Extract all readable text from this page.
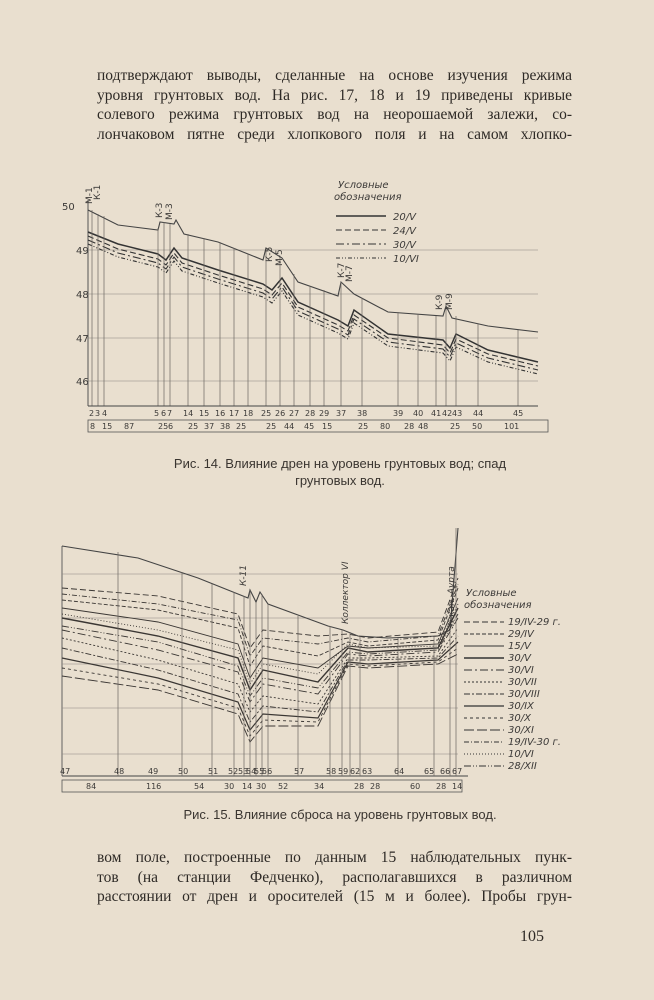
подтверждают выводы, сделанные на основе изучения режима
уровня грунтовых вод. На рис. 17, 18 и 19 приведены кривые
солевого режима грунтовых вод на неорошаемой залежи, со-
лончаковом пятне среди хлопкового поля и на самом хлопко-
50
49
48
47
46
М-1
К-1
К-3 М-3
К-5 М-5
К-7
М-7
К-9 М-9
2 3 4	5 6 7 14 15 16 17 18 25 26 27 28 29 37 38	39 40 41 42 43 44	45
8 15 87	25 6 25 37 38 25 25 44 45 15	25 80 28 48	25 50	101
Условные
обозначения
20/V
24/V
30/V
10/VI
Рис. 14. Влияние дрен на уровень грунтовых вод; спад
грунтовых вод.
К-11	Коллектор VI	К кан. Аурта
47	48	49 50 51 52 53
54
55
56	57	58 59 62 63	64 65 66 67
84	116	54 30 14 30 52	34	28 28	60 28 14
Условные
обозначения
19/IV-29 г.
29/IV
15/V
30/V
30/VI
30/VII
30/VIII
30/IX
30/X
30/XI
19/IV-30 г.
10/VI
28/XII
Рис. 15. Влияние сброса на уровень грунтовых вод.
вом поле, построенные по данным 15 наблюдательных пунк-
тов (на станции Федченко), располагавшихся в различном
расстоянии от дрен и оросителей (15 м и более). Пробы грун-
105
